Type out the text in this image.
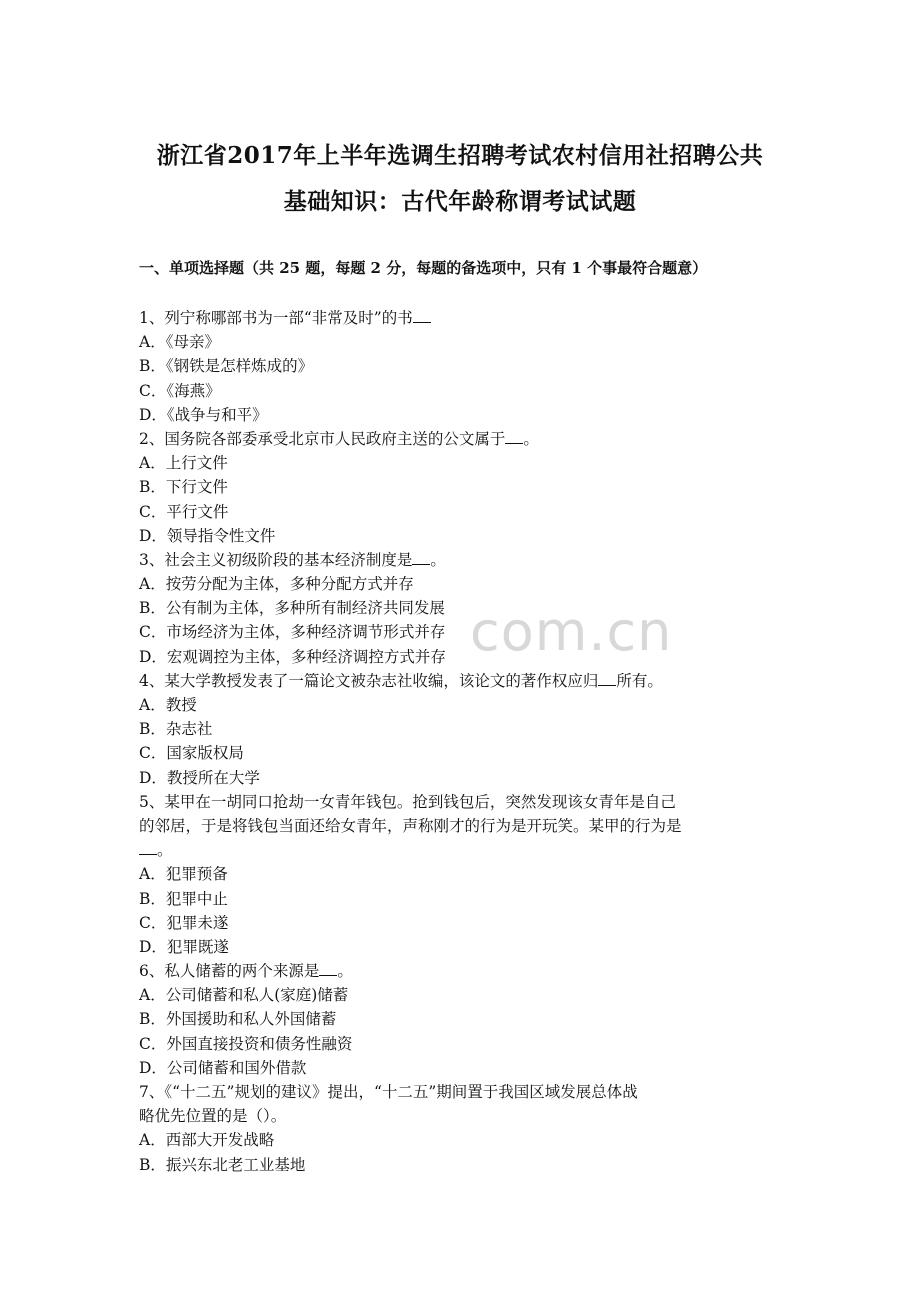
浙江省2017年上半年选调生招聘考试农村信用社招聘公共
基础知识：古代年龄称谓考试试题
一、单项选择题（共 25 题，每题 2 分，每题的备选项中，只有 1 个事最符合题意）
com.cn
1、列宁称哪部书为一部“非常及时”的书
A．《母亲》
B．《钢铁是怎样炼成的》
C．《海燕》
D．《战争与和平》
2、国务院各部委承受北京市人民政府主送的公文属于 。
A．上行文件
B．下行文件
C．平行文件
D．领导指令性文件
3、社会主义初级阶段的基本经济制度是 。
A．按劳分配为主体，多种分配方式并存
B．公有制为主体，多种所有制经济共同发展
C．市场经济为主体，多种经济调节形式并存
D．宏观调控为主体，多种经济调控方式并存
4、某大学教授发表了一篇论文被杂志社收编，该论文的著作权应归 所有。
A．教授
B．杂志社
C．国家版权局
D．教授所在大学
5、某甲在一胡同口抢劫一女青年钱包。抢到钱包后，突然发现该女青年是自己
的邻居，于是将钱包当面还给女青年，声称刚才的行为是开玩笑。某甲的行为是
。
A．犯罪预备
B．犯罪中止
C．犯罪未遂
D．犯罪既遂
6、私人储蓄的两个来源是 。
A．公司储蓄和私人(家庭)储蓄
B．外国援助和私人外国储蓄
C．外国直接投资和债务性融资
D．公司储蓄和国外借款
7、《“十二五”规划的建议》提出，“十二五”期间置于我国区域发展总体战
略优先位置的是（）。
A．西部大开发战略
B．振兴东北老工业基地
